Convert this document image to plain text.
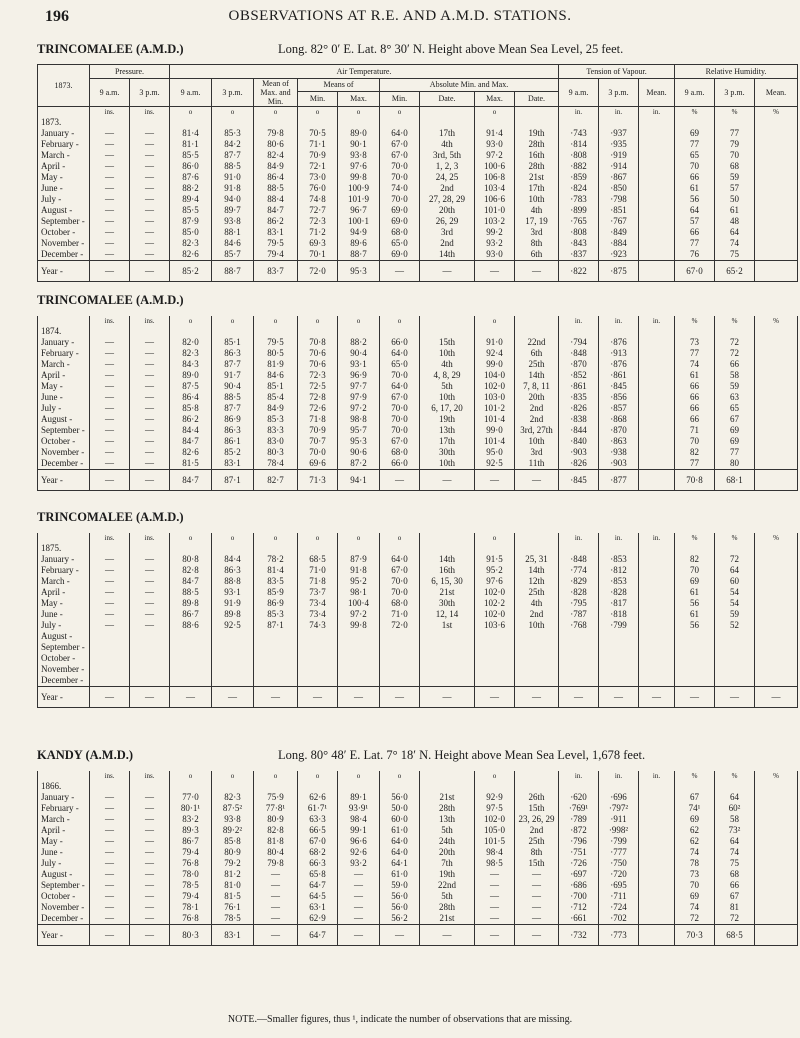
196	OBSERVATIONS AT R.E. AND A.M.D. STATIONS.
TRINCOMALEE (A.M.D.)	Long. 82° 0′ E. Lat. 8° 30′ N. Height above Mean Sea Level, 25 feet.
1873.	Pressure.		Air Temperature.									Tension of Vapour.			Relative Humidity.		
	9 a.m.	3 p.m.	9 a.m.	3 p.m.	Mean of Max. and Min.	Means of		Absolute Min. and Max.				9 a.m.	3 p.m.	Mean.	9 a.m.	3 p.m.	Mean.
						Min.	Max.	Min.	Date.	Max.	Date.						
	ins.	ins.	o	o	o	o	o	o		o		in.	in.	in.	%	%	%
1873.																	
January -	—	—	81·4	85·3	79·8	70·5	89·0	64·0	17th	91·4	19th	·743	·937		69	77	
February -	—	—	81·1	84·2	80·6	71·1	90·1	67·0	4th	93·0	28th	·814	·935		77	79	
March -	—	—	85·5	87·7	82·4	70·9	93·8	67·0	3rd, 5th	97·2	16th	·808	·919		65	70	
April -	—	—	86·0	88·5	84·9	72·1	97·6	70·0	1, 2, 3	100·6	28th	·882	·914		70	68	
May -	—	—	87·6	91·0	86·4	73·0	99·8	70·0	24, 25	106·8	21st	·859	·867		66	59	
June -	—	—	88·2	91·8	88·5	76·0	100·9	74·0	2nd	103·4	17th	·824	·850		61	57	
July -	—	—	89·4	94·0	88·4	74·8	101·9	70·0	27, 28, 29	106·6	10th	·783	·798		56	50	
August -	—	—	85·5	89·7	84·7	72·7	96·7	69·0	20th	101·0	4th	·899	·851		64	61	
September -	—	—	87·9	93·8	86·2	72·3	100·1	69·0	26, 29	103·2	17, 19	·765	·767		57	48	
October -	—	—	85·0	88·1	83·1	71·2	94·9	68·0	3rd	99·2	3rd	·808	·849		66	64	
November -	—	—	82·3	84·6	79·5	69·3	89·6	65·0	2nd	93·2	8th	·843	·884		77	74	
December -	—	—	82·6	85·7	79·4	70·1	88·7	69·0	14th	93·0	6th	·837	·923		76	75	
Year -	—	—	85·2	88·7	83·7	72·0	95·3	—	—	—	—	·822	·875		67·0	65·2	
TRINCOMALEE (A.M.D.)
	ins.	ins.	o	o	o	o	o	o		o		in.	in.	in.	%	%	%
1874.																	
January -	—	—	82·0	85·1	79·5	70·8	88·2	66·0	15th	91·0	22nd	·794	·876		73	72	
February -	—	—	82·3	86·3	80·5	70·6	90·4	64·0	10th	92·4	6th	·848	·913		77	72	
March -	—	—	84·3	87·7	81·9	70·6	93·1	65·0	4th	99·0	25th	·870	·876		74	66	
April -	—	—	89·0	91·7	84·6	72·3	96·9	70·0	4, 8, 29	104·0	14th	·852	·861		61	58	
May -	—	—	87·5	90·4	85·1	72·5	97·7	64·0	5th	102·0	7, 8, 11	·861	·845		66	59	
June -	—	—	86·4	88·5	85·4	72·8	97·9	67·0	10th	103·0	20th	·835	·856		66	63	
July -	—	—	85·8	87·7	84·9	72·6	97·2	70·0	6, 17, 20	101·2	2nd	·826	·857		66	65	
August -	—	—	86·2	86·9	85·3	71·8	98·8	70·0	19th	101·4	2nd	·838	·868		66	67	
September -	—	—	84·4	86·3	83·3	70·9	95·7	70·0	13th	99·0	3rd, 27th	·844	·870		71	69	
October -	—	—	84·7	86·1	83·0	70·7	95·3	67·0	17th	101·4	10th	·840	·863		70	69	
November -	—	—	82·6	85·2	80·3	70·0	90·6	68·0	30th	95·0	3rd	·903	·938		82	77	
December -	—	—	81·5	83·1	78·4	69·6	87·2	66·0	10th	92·5	11th	·826	·903		77	80	
Year -	—	—	84·7	87·1	82·7	71·3	94·1	—	—	—	—	·845	·877		70·8	68·1	
TRINCOMALEE (A.M.D.)
	ins.	ins.	o	o	o	o	o	o		o		in.	in.	in.	%	%	%
1875.																	
January -	—	—	80·8	84·4	78·2	68·5	87·9	64·0	14th	91·5	25, 31	·848	·853		82	72	
February -	—	—	82·8	86·3	81·4	71·0	91·8	67·0	16th	95·2	14th	·774	·812		70	64	
March -	—	—	84·7	88·8	83·5	71·8	95·2	70·0	6, 15, 30	97·6	12th	·829	·853		69	60	
April -	—	—	88·5	93·1	85·9	73·7	98·1	70·0	21st	102·0	25th	·828	·828		61	54	
May -	—	—	89·8	91·9	86·9	73·4	100·4	68·0	30th	102·2	4th	·795	·817		56	54	
June -	—	—	86·7	89·8	85·3	73·4	97·2	71·0	12, 14	102·0	2nd	·787	·818		61	59	
July -	—	—	88·6	92·5	87·1	74·3	99·8	72·0	1st	103·6	10th	·768	·799		56	52	
August -																	
September -																	
October -																	
November -																	
December -																	
Year -	—	—	—	—	—	—	—	—	—	—	—	—	—	—	—	—	—
KANDY (A.M.D.)	Long. 80° 48′ E. Lat. 7° 18′ N. Height above Mean Sea Level, 1,678 feet.
	ins.	ins.	o	o	o	o	o	o		o		in.	in.	in.	%	%	%
1866.																	
January -	—	—	77·0	82·3	75·9	62·6	89·1	56·0	21st	92·9	26th	·620	·696		67	64	
February -	—	—	80·1¹	87·5²	77·8¹	61·7¹	93·9¹	50·0	28th	97·5	15th	·769¹	·797²		74¹	60²	
March -	—	—	83·2	93·8	80·9	63·3	98·4	60·0	13th	102·0	23, 26, 29	·789	·911		69	58	
April -	—	—	89·3	89·2²	82·8	66·5	99·1	61·0	5th	105·0	2nd	·872	·998²		62	73²	
May -	—	—	86·7	85·8	81·8	67·0	96·6	64·0	24th	101·5	25th	·796	·799		62	64	
June -	—	—	79·4	80·9	80·4	68·2	92·6	64·0	20th	98·4	8th	·751	·777		74	74	
July -	—	—	76·8	79·2	79·8	66·3	93·2	64·1	7th	98·5	15th	·726	·750		78	75	
August -	—	—	78·0	81·2	—	65·8	—	61·0	19th	—	—	·697	·720		73	68	
September -	—	—	78·5	81·0	—	64·7	—	59·0	22nd	—	—	·686	·695		70	66	
October -	—	—	79·4	81·5	—	64·5	—	56·0	5th	—	—	·700	·711		69	67	
November -	—	—	78·1	76·1	—	63·1	—	56·0	28th	—	—	·712	·724		74	81	
December -	—	—	76·8	78·5	—	62·9	—	56·2	21st	—	—	·661	·702		72	72	
Year -	—	—	80·3	83·1	—	64·7	—	—	—	—	—	·732	·773		70·3	68·5	
NOTE.—Smaller figures, thus ¹, indicate the number of observations that are missing.
